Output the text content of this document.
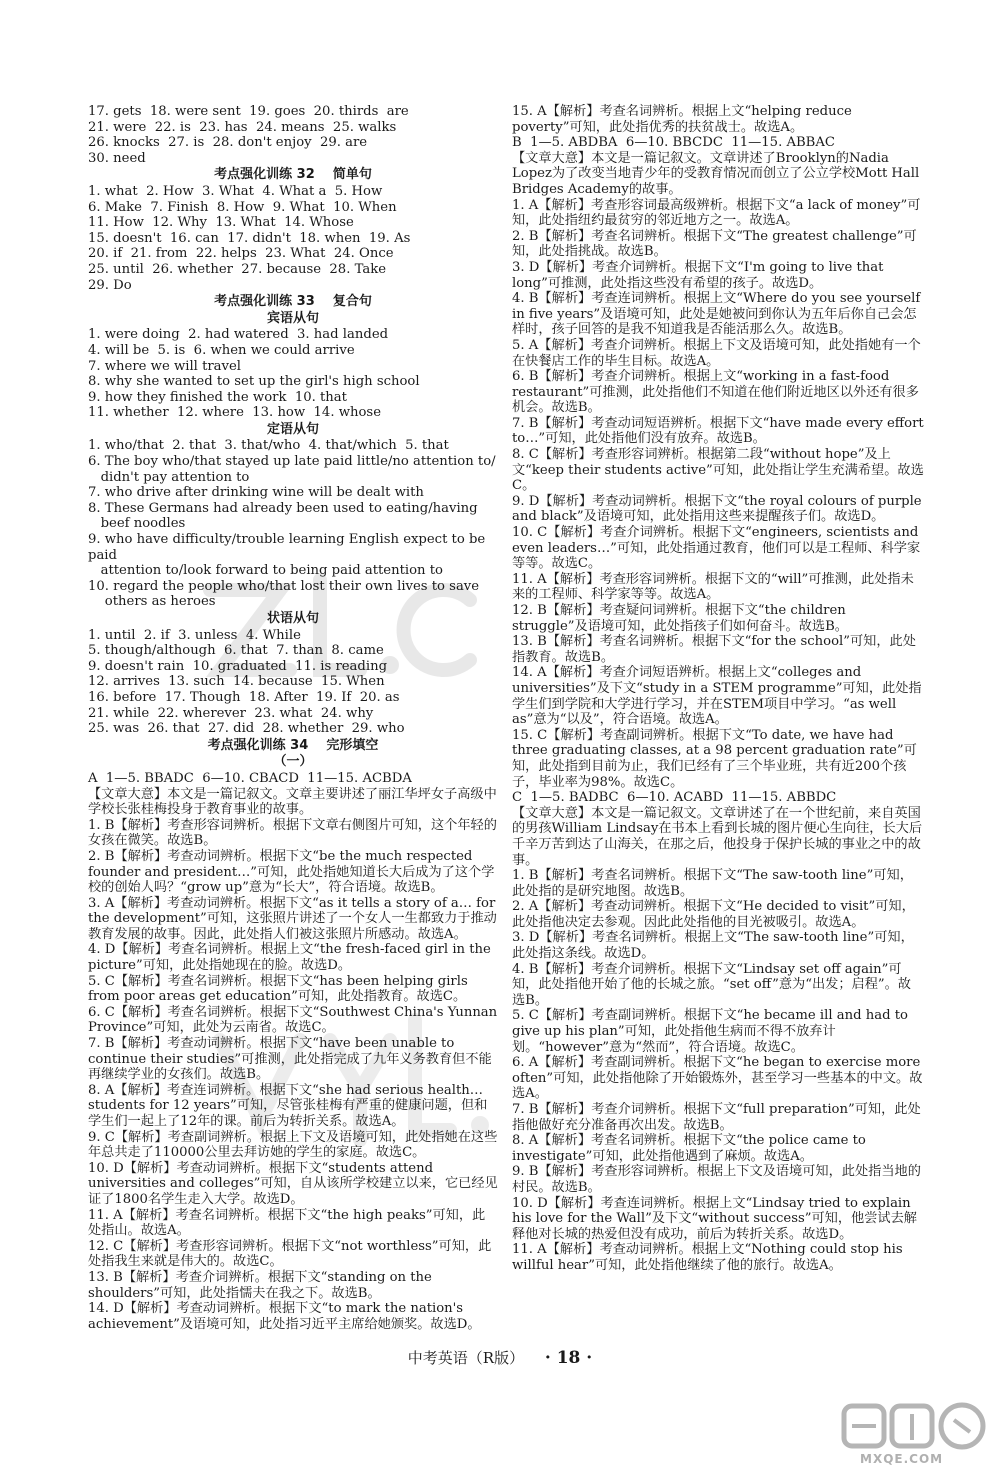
17. gets  18. were sent  19. goes  20. thirds  are

21. were  22. is  23. has  24. means  25. walks

26. knocks  27. is  28. don't enjoy  29. are

30. need

考点强化训练 32    简单句

1. what  2. How  3. What  4. What a  5. How

6. Make  7. Finish  8. How  9. What  10. When

11. How  12. Why  13. What  14. Whose

15. doesn't  16. can  17. didn't  18. when  19. As

20. if  21. from  22. helps  23. What  24. Once

25. until  26. whether  27. because  28. Take

29. Do

考点强化训练 33    复合句

宾语从句

1. were doing  2. had watered  3. had landed

4. will be  5. is  6. when we could arrive

7. where we will travel

8. why she wanted to set up the girl's high school

9. how they finished the work  10. that

11. whether  12. where  13. how  14. whose

定语从句

1. who/that  2. that  3. that/who  4. that/which  5. that

6. The boy who/that stayed up late paid little/no attention to/

didn't pay attention to

7. who drive after drinking wine will be dealt with

8. These Germans had already been used to eating/having

beef noodles

9. who have difficulty/trouble learning English expect to be paid

attention to/look forward to being paid attention to

10. regard the people who/that lost their own lives to save

others as heroes

状语从句

1. until  2. if  3. unless  4. While

5. though/although  6. that  7. than  8. came

9. doesn't rain  10. graduated  11. is reading

12. arrives  13. such  14. because  15. When

16. before  17. Though  18. After  19. If  20. as

21. while  22. wherever  23. what  24. why

25. was  26. that  27. did  28. whether  29. who

考点强化训练 34    完形填空

（一）

A  1—5. BBADC  6—10. CBACD  11—15. ACBDA

【文章大意】本文是一篇记叙文。文章主要讲述了丽江华坪女子高级中学校长张桂梅投身于教育事业的故事。

1. B【解析】考查形容词辨析。根据下文章右侧图片可知，这个年轻的女孩在微笑。故选B。

2. B【解析】考查动词辨析。根据下文“be the much respected founder and president…”可知，此处指她知道长大后成为了这个学校的创始人吗？“grow up”意为“长大”，符合语境。故选B。

3. A【解析】考查动词辨析。根据下文“as it tells a story of a… for the development”可知，这张照片讲述了一个女人一生都致力于推动教育发展的故事。因此，此处指人们被这张照片所感动。故选A。

4. D【解析】考查名词辨析。根据上文“the fresh-faced girl in the picture”可知，此处指她现在的脸。故选D。

5. C【解析】考查名词辨析。根据下文“has been helping girls from poor areas get education”可知，此处指教育。故选C。

6. C【解析】考查名词辨析。根据下文“Southwest China's Yunnan Province”可知，此处为云南省。故选C。

7. B【解析】考查动词辨析。根据下文“have been unable to continue their studies”可推测，此处指完成了九年义务教育但不能再继续学业的女孩们。故选B。

8. A【解析】考查连词辨析。根据下文“she had serious health… students for 12 years”可知，尽管张桂梅有严重的健康问题，但和学生们一起上了12年的课。前后为转折关系。故选A。

9. C【解析】考查副词辨析。根据上下文及语境可知，此处指她在这些年总共走了110000公里去拜访她的学生的家庭。故选C。

10. D【解析】考查动词辨析。根据下文“students attend universities and colleges”可知，自从该所学校建立以来，它已经见证了1800名学生走入大学。故选D。

11. A【解析】考查名词辨析。根据下文“the high peaks”可知，此处指山。故选A。

12. C【解析】考查形容词辨析。根据下文“not worthless”可知，此处指我生来就是伟大的。故选C。

13. B【解析】考查介词辨析。根据下文“standing on the shoulders”可知，此处指懦夫在我之下。故选B。

14. D【解析】考查动词辨析。根据下文“to mark the nation's achievement”及语境可知，此处指习近平主席给她颁奖。故选D。

15. A【解析】考查名词辨析。根据上文“helping reduce poverty”可知，此处指优秀的扶贫战士。故选A。

B  1—5. ABDBA  6—10. BBCDC  11—15. ABBAC

【文章大意】本文是一篇记叙文。文章讲述了Brooklyn的Nadia Lopez为了改变当地青少年的受教育情况而创立了公立学校Mott Hall Bridges Academy的故事。

1. A【解析】考查形容词最高级辨析。根据下文“a lack of money”可知，此处指纽约最贫穷的邻近地方之一。故选A。

2. B【解析】考查名词辨析。根据下文“The greatest challenge”可知，此处指挑战。故选B。

3. D【解析】考查介词辨析。根据下文“I'm going to live that long”可推测，此处指这些没有希望的孩子。故选D。

4. B【解析】考查连词辨析。根据上文“Where do you see yourself in five years”及语境可知，此处是她被问到你认为五年后你自己会怎样时，孩子回答的是我不知道我是否能活那么久。故选B。

5. A【解析】考查介词辨析。根据上下文及语境可知，此处指她有一个在快餐店工作的毕生目标。故选A。

6. B【解析】考查介词辨析。根据上文“working in a fast-food restaurant”可推测，此处指他们不知道在他们附近地区以外还有很多机会。故选B。

7. B【解析】考查动词短语辨析。根据下文“have made every effort to…”可知，此处指他们没有放弃。故选B。

8. C【解析】考查形容词辨析。根据第二段“without hope”及上文“keep their students active”可知，此处指让学生充满希望。故选C。

9. D【解析】考查动词辨析。根据下文“the royal colours of purple and black”及语境可知，此处指用这些来提醒孩子们。故选D。

10. C【解析】考查介词辨析。根据下文“engineers, scientists and even leaders…”可知，此处指通过教育，他们可以是工程师、科学家等等。故选C。

11. A【解析】考查形容词辨析。根据下文的“will”可推测，此处指未来的工程师、科学家等等。故选A。

12. B【解析】考查疑问词辨析。根据下文“the children struggle”及语境可知，此处指孩子们如何奋斗。故选B。

13. B【解析】考查名词辨析。根据下文“for the school”可知，此处指教育。故选B。

14. A【解析】考查介词短语辨析。根据上文“colleges and universities”及下文“study in a STEM programme”可知，此处指学生们到学院和大学进行学习，并在STEM项目中学习。“as well as”意为“以及”，符合语境。故选A。

15. C【解析】考查副词辨析。根据下文“To date, we have had three graduating classes, at a 98 percent graduation rate”可知，此处指到目前为止，我们已经有了三个毕业班，共有近200个孩子，毕业率为98%。故选C。

C  1—5. BADBC  6—10. ACABD  11—15. ABBDC

【文章大意】本文是一篇记叙文。文章讲述了在一个世纪前，来自英国的男孩William Lindsay在书本上看到长城的图片便心生向往，长大后千辛万苦到达了山海关，在那之后，他投身于保护长城的事业之中的故事。

1. B【解析】考查名词辨析。根据下文“The saw-tooth line”可知，此处指的是研究地图。故选B。

2. A【解析】考查动词辨析。根据下文“He decided to visit”可知，此处指他决定去参观。因此此处指他的目光被吸引。故选A。

3. D【解析】考查名词辨析。根据上文“The saw-tooth line”可知，此处指这条线。故选D。

4. B【解析】考查介词辨析。根据下文“Lindsay set off again”可知，此处指他开始了他的长城之旅。“set off”意为“出发；启程”。故选B。

5. C【解析】考查副词辨析。根据下文“he became ill and had to give up his plan”可知，此处指他生病而不得不放弃计划。“however”意为“然而”，符合语境。故选C。

6. A【解析】考查副词辨析。根据下文“he began to exercise more often”可知，此处指他除了开始锻炼外，甚至学习一些基本的中文。故选A。

7. B【解析】考查介词辨析。根据下文“full preparation”可知，此处指他做好充分准备再次出发。故选B。

8. A【解析】考查名词辨析。根据下文“the police came to investigate”可知，此处指他遇到了麻烦。故选A。

9. B【解析】考查形容词辨析。根据上下文及语境可知，此处指当地的村民。故选B。

10. D【解析】考查连词辨析。根据上文“Lindsay tried to explain his love for the Wall”及下文“without success”可知，他尝试去解释他对长城的热爱但没有成功，前后为转折关系。故选D。

11. A【解析】考查动词辨析。根据上文“Nothing could stop his willful hear”可知，此处指他继续了他的旅行。故选A。

中考英语（R版） · 18 ·
MXQE.COM
